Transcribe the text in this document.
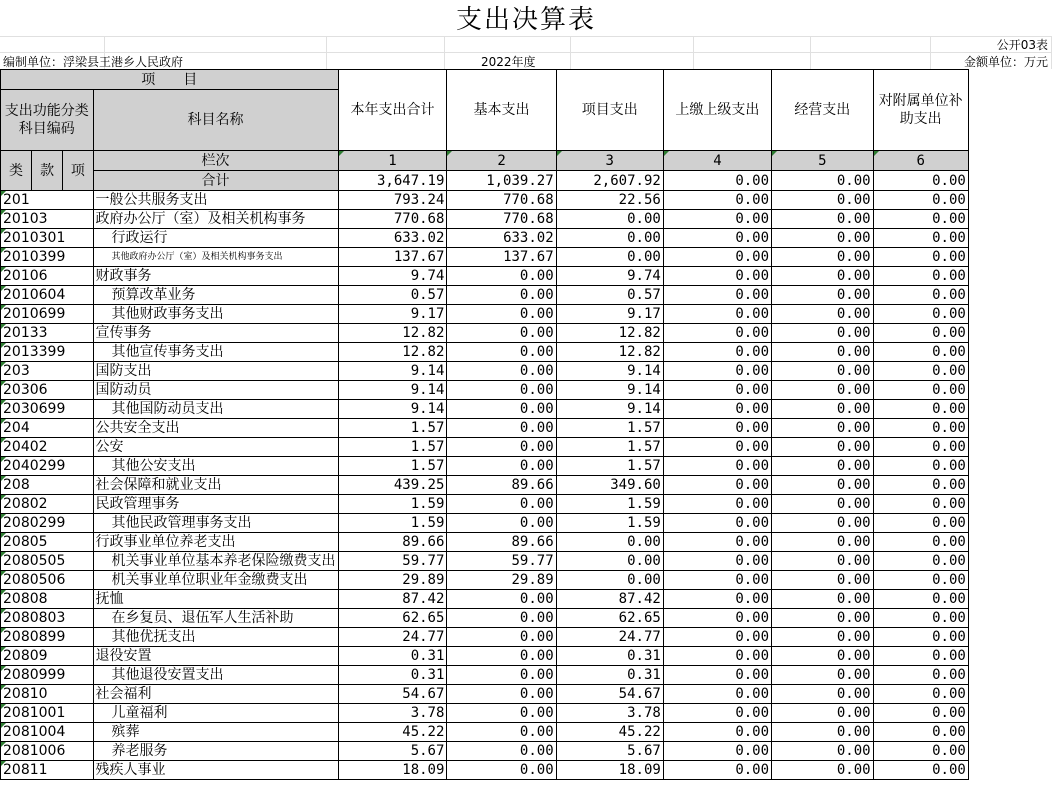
支出决算表
公开03表
编制单位：浮梁县王港乡人民政府	2022年度	金额单位：万元
项　　目				本年支出合计	基本支出	项目支出	上缴上级支出	经营支出	对附属单位补助支出
支出功能分类科目编码			科目名称						

类	款	项	栏次	1	2	3	4	5	6
			合计	3,647.19	1,039.27	2,607.92	0.00	0.00	0.00
201			一般公共服务支出	793.24	770.68	22.56	0.00	0.00	0.00
20103			政府办公厅（室）及相关机构事务	770.68	770.68	0.00	0.00	0.00	0.00
2010301			行政运行	633.02	633.02	0.00	0.00	0.00	0.00
2010399			其他政府办公厅（室）及相关机构事务支出	137.67	137.67	0.00	0.00	0.00	0.00
20106			财政事务	9.74	0.00	9.74	0.00	0.00	0.00
2010604			预算改革业务	0.57	0.00	0.57	0.00	0.00	0.00
2010699			其他财政事务支出	9.17	0.00	9.17	0.00	0.00	0.00
20133			宣传事务	12.82	0.00	12.82	0.00	0.00	0.00
2013399			其他宣传事务支出	12.82	0.00	12.82	0.00	0.00	0.00
203			国防支出	9.14	0.00	9.14	0.00	0.00	0.00
20306			国防动员	9.14	0.00	9.14	0.00	0.00	0.00
2030699			其他国防动员支出	9.14	0.00	9.14	0.00	0.00	0.00
204			公共安全支出	1.57	0.00	1.57	0.00	0.00	0.00
20402			公安	1.57	0.00	1.57	0.00	0.00	0.00
2040299			其他公安支出	1.57	0.00	1.57	0.00	0.00	0.00
208			社会保障和就业支出	439.25	89.66	349.60	0.00	0.00	0.00
20802			民政管理事务	1.59	0.00	1.59	0.00	0.00	0.00
2080299			其他民政管理事务支出	1.59	0.00	1.59	0.00	0.00	0.00
20805			行政事业单位养老支出	89.66	89.66	0.00	0.00	0.00	0.00
2080505			机关事业单位基本养老保险缴费支出	59.77	59.77	0.00	0.00	0.00	0.00
2080506			机关事业单位职业年金缴费支出	29.89	29.89	0.00	0.00	0.00	0.00
20808			抚恤	87.42	0.00	87.42	0.00	0.00	0.00
2080803			在乡复员、退伍军人生活补助	62.65	0.00	62.65	0.00	0.00	0.00
2080899			其他优抚支出	24.77	0.00	24.77	0.00	0.00	0.00
20809			退役安置	0.31	0.00	0.31	0.00	0.00	0.00
2080999			其他退役安置支出	0.31	0.00	0.31	0.00	0.00	0.00
20810			社会福利	54.67	0.00	54.67	0.00	0.00	0.00
2081001			儿童福利	3.78	0.00	3.78	0.00	0.00	0.00
2081004			殡葬	45.22	0.00	45.22	0.00	0.00	0.00
2081006			养老服务	5.67	0.00	5.67	0.00	0.00	0.00
20811			残疾人事业	18.09	0.00	18.09	0.00	0.00	0.00
